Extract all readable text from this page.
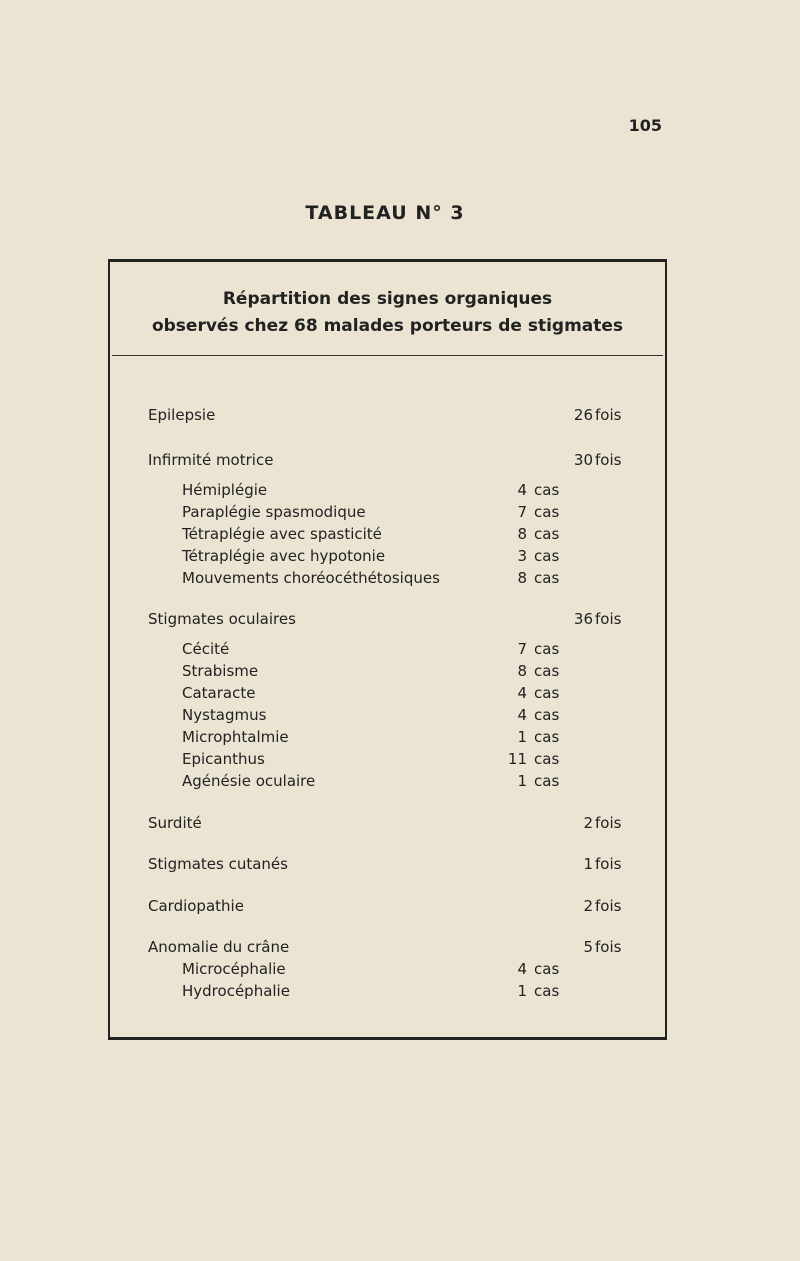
105
TABLEAU N° 3
Répartition des signes organiques
observés chez 68 malades porteurs de stigmates
Epilepsie	26 fois
Infirmité motrice	30 fois
Hémiplégie	4 cas
Paraplégie spasmodique	7 cas
Tétraplégie avec spasticité	8 cas
Tétraplégie avec hypotonie	3 cas
Mouvements choréocéthétosiques	8 cas
Stigmates oculaires	36 fois
Cécité	7 cas
Strabisme	8 cas
Cataracte	4 cas
Nystagmus	4 cas
Microphtalmie	1 cas
Epicanthus	11 cas
Agénésie oculaire	1 cas
Surdité	2 fois
Stigmates cutanés	1 fois
Cardiopathie	2 fois
Anomalie du crâne	5 fois
Microcéphalie	4 cas
Hydrocéphalie	1 cas
